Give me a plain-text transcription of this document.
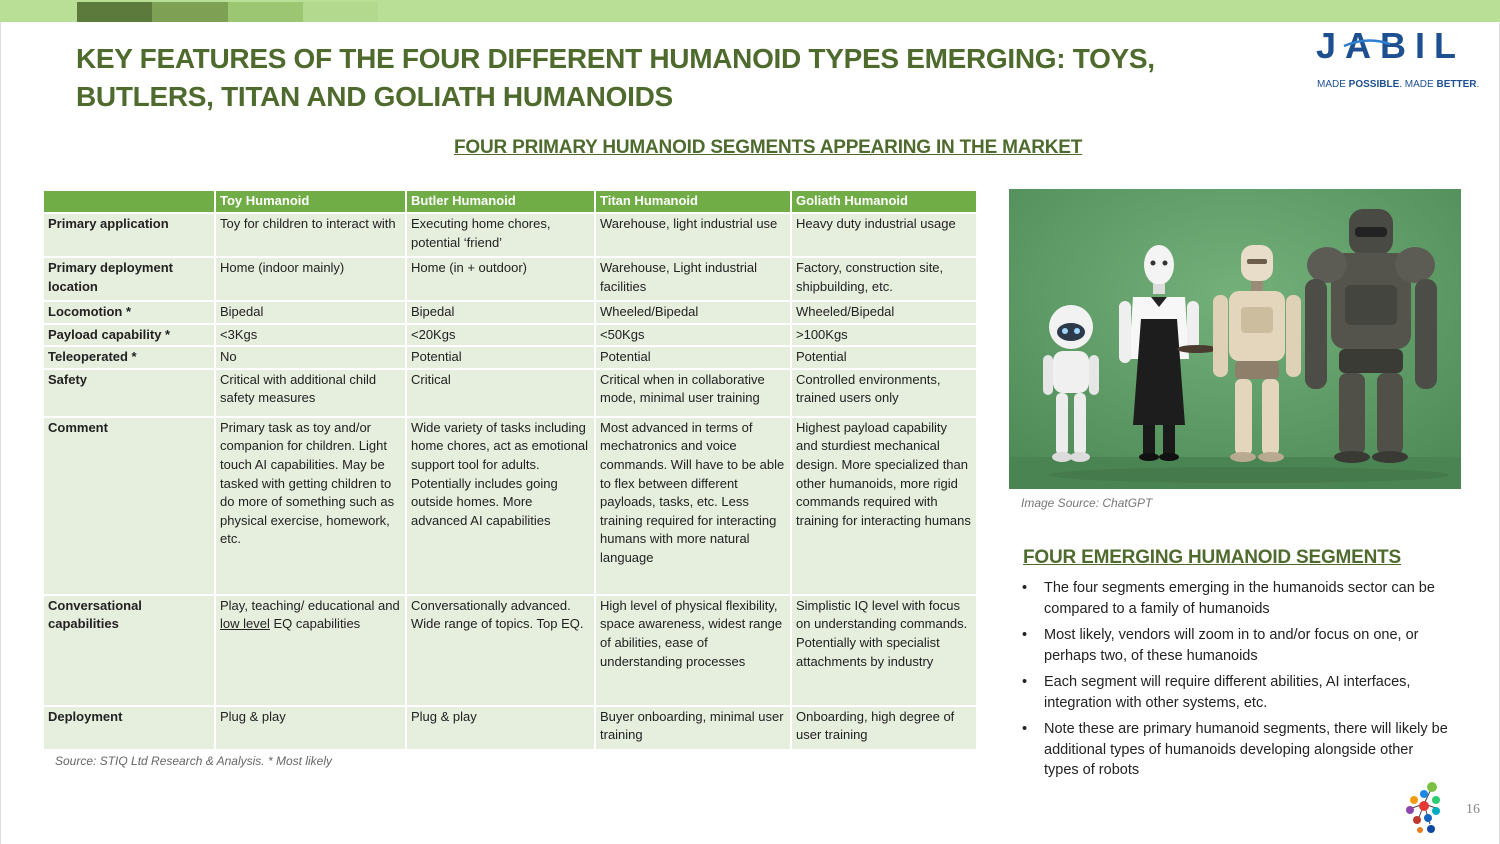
KEY FEATURES OF THE FOUR DIFFERENT HUMANOID TYPES EMERGING: TOYS, BUTLERS, TITAN AND GOLIATH HUMANOIDS
JABIL
MADE POSSIBLE. MADE BETTER.
FOUR PRIMARY HUMANOID SEGMENTS APPEARING IN THE MARKET
	Toy Humanoid	Butler Humanoid	Titan Humanoid	Goliath Humanoid
Primary application	Toy for children to interact with	Executing home chores, potential ‘friend’	Warehouse, light industrial use	Heavy duty industrial usage
Primary deployment location	Home (indoor mainly)	Home (in + outdoor)	Warehouse, Light industrial facilities	Factory, construction site, shipbuilding, etc.
Locomotion *	Bipedal	Bipedal	Wheeled/Bipedal	Wheeled/Bipedal
Payload capability *	<3Kgs	<20Kgs	<50Kgs	>100Kgs
Teleoperated *	No	Potential	Potential	Potential
Safety	Critical with additional child safety measures	Critical	Critical when in collaborative mode, minimal user training	Controlled environments, trained users only
Comment	Primary task as toy and/or companion for children. Light touch AI capabilities. May be tasked with getting children to do more of something such as physical exercise, homework, etc.	Wide variety of tasks including home chores, act as emotional support tool for adults. Potentially includes going outside homes. More advanced AI capabilities	Most advanced in terms of mechatronics and voice commands. Will have to be able to flex between different payloads, tasks, etc. Less training required for interacting humans with more natural language	Highest payload capability and sturdiest mechanical design. More specialized than other humanoids, more rigid commands required with training for interacting humans
Conversational capabilities	Play, teaching/ educational and low level EQ capabilities	Conversationally advanced. Wide range of topics. Top EQ.	High level of physical flexibility, space awareness, widest range of abilities, ease of understanding processes	Simplistic IQ level with focus on understanding commands. Potentially with specialist attachments by industry
Deployment	Plug & play	Plug & play	Buyer onboarding, minimal user training	Onboarding, high degree of user training
Source: STIQ Ltd Research & Analysis. * Most likely
Image Source: ChatGPT
FOUR EMERGING HUMANOID SEGMENTS
• The four segments emerging in the humanoids sector can be compared to a family of humanoids
• Most likely, vendors will zoom in to and/or focus on one, or perhaps two, of these humanoids
• Each segment will require different abilities, AI interfaces, integration with other systems, etc.
• Note these are primary humanoid segments, there will likely be additional types of humanoids developing alongside other types of robots
16
